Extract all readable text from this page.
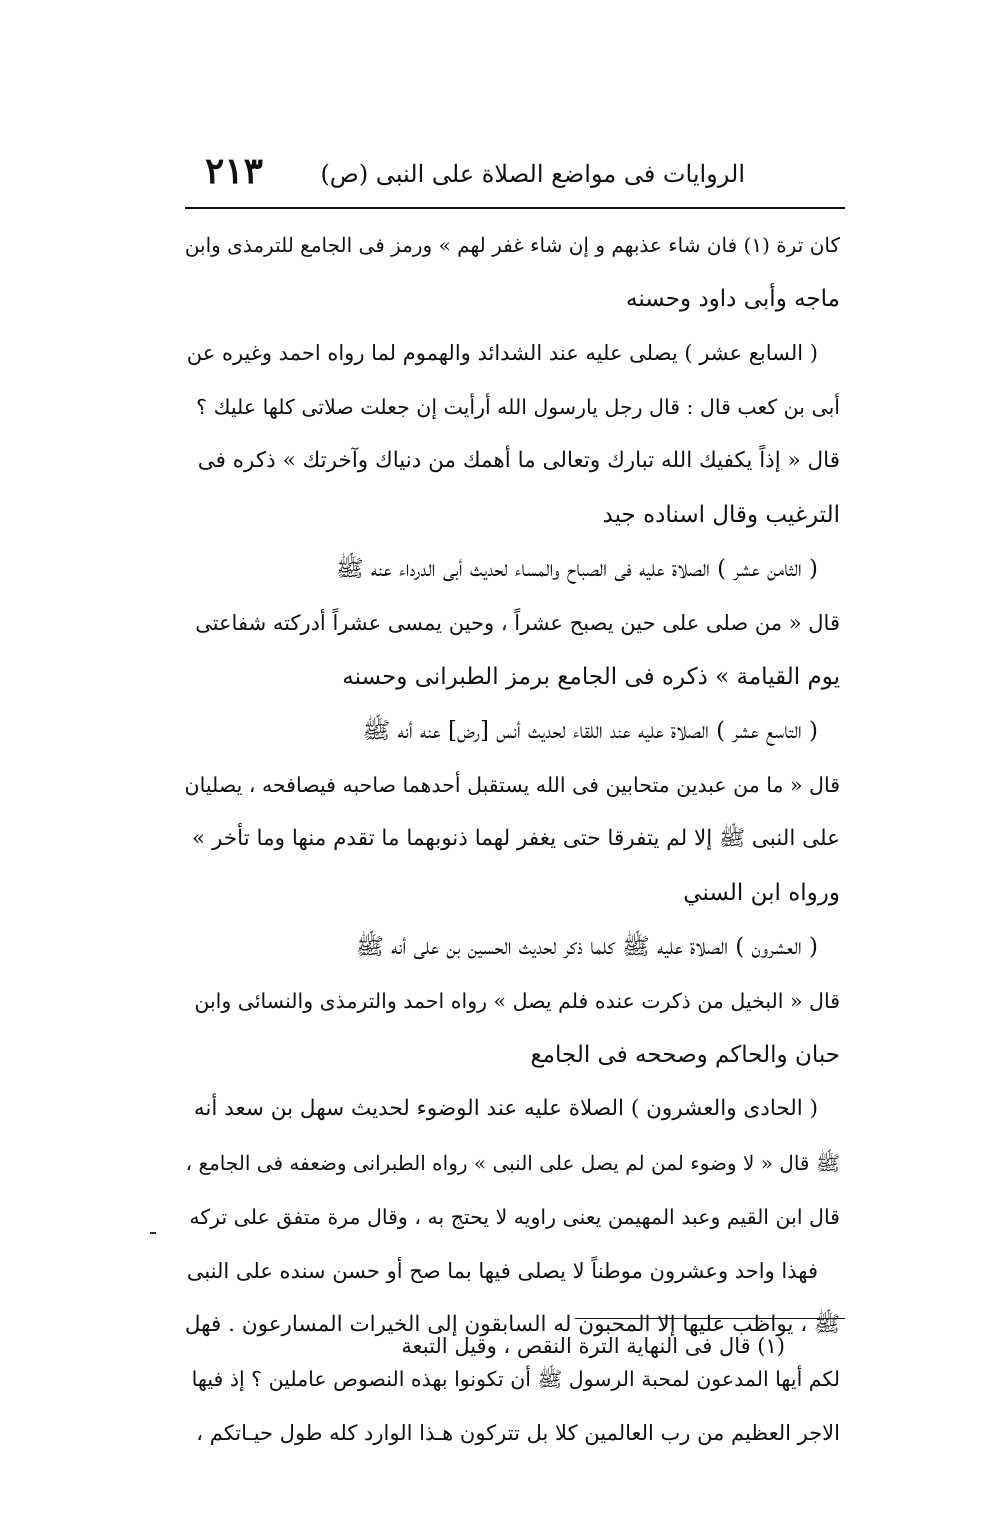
الروايات فى مواضع الصلاة على النبى (ص)
٢١٣
كان ترة (١) فان شاء عذبهم و إن شاء غفر لهم » ورمز فى الجامع للترمذى وابن
ماجه وأبى داود وحسنه
( السابع عشر ) يصلى عليه عند الشدائد والهموم لما رواه احمد وغيره عن
أبى بن كعب قال : قال رجل يارسول الله أرأيت إن جعلت صلاتى كلها عليك ؟
قال « إذاً يكفيك الله تبارك وتعالى ما أهمك من دنياك وآخرتك » ذكره فى
الترغيب وقال اسناده جيد
( الثامن عشر ) الصلاة عليه فى الصباح والمساء لحديث أبى الدرداء عنه ﷺ
قال « من صلى على حين يصبح عشراً ، وحين يمسى عشراً أدركته شفاعتى
يوم القيامة » ذكره فى الجامع برمز الطبرانى وحسنه
( التاسع عشر ) الصلاة عليه عند اللقاء لحديث أنس [رض] عنه أنه ﷺ
قال « ما من عبدين متحابين فى الله يستقبل أحدهما صاحبه فيصافحه ، يصليان
على النبى ﷺ إلا لم يتفرقا حتى يغفر لهما ذنوبهما ما تقدم منها وما تأخر »
ورواه ابن السني
( العشرون ) الصلاة عليه ﷺ كلما ذكر لحديث الحسين بن على أنه ﷺ
قال « البخيل من ذكرت عنده فلم يصل » رواه احمد والترمذى والنسائى وابن
حبان والحاكم وصححه فى الجامع
( الحادى والعشرون ) الصلاة عليه عند الوضوء لحديث سهل بن سعد أنه
ﷺ قال « لا وضوء لمن لم يصل على النبى » رواه الطبرانى وضعفه فى الجامع ،
قال ابن القيم وعبد المهيمن يعنى راويه لا يحتج به ، وقال مرة متفق على تركه
فهذا واحد وعشرون موطناً لا يصلى فيها بما صح أو حسن سنده على النبى
ﷺ ، يواظب عليها إلا المحبون له السابقون إلى الخيرات المسارعون . فهل
لكم أيها المدعون لمحبة الرسول ﷺ أن تكونوا بهذه النصوص عاملين ؟ إذ فيها
الاجر العظيم من رب العالمين كلا بل تتركون هـذا الوارد كله طول حيـاتكم ،
(١) قال فى النهاية الترة النقص ، وقيل التبعة
